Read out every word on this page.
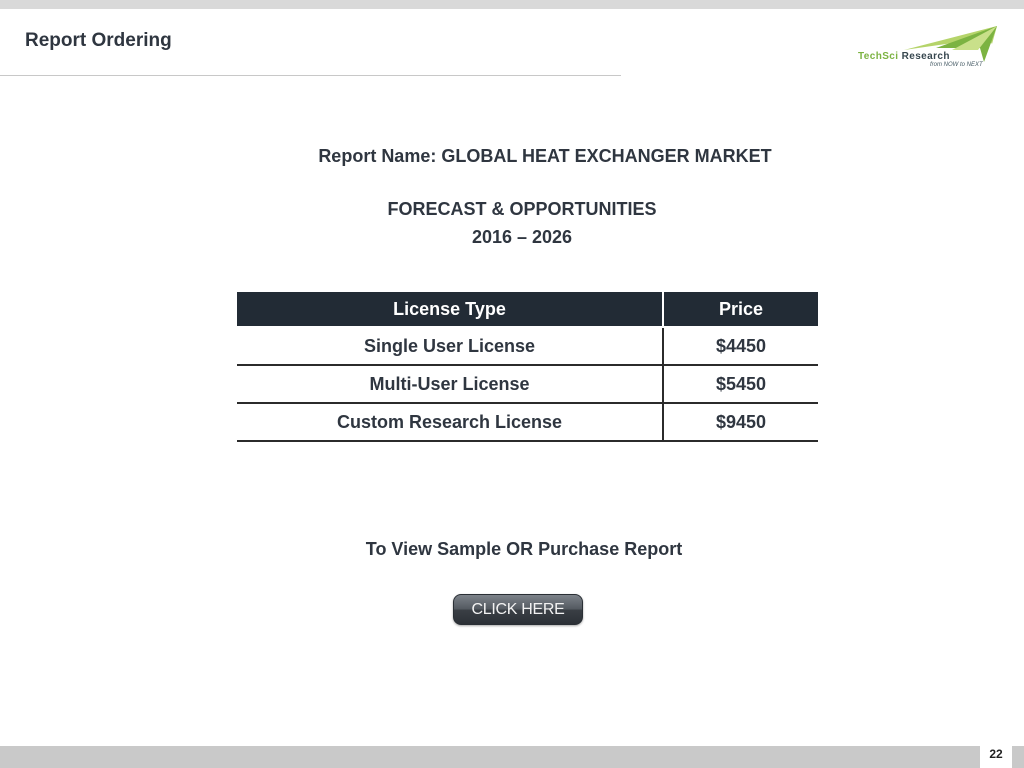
Report Ordering
TechSci Research
from NOW to NEXT
Report Name: GLOBAL HEAT EXCHANGER MARKET
FORECAST & OPPORTUNITIES
2016 – 2026
License Type	Price
Single User License	$4450
Multi-User License	$5450
Custom Research License	$9450
To View Sample OR Purchase Report
CLICK HERE
22
